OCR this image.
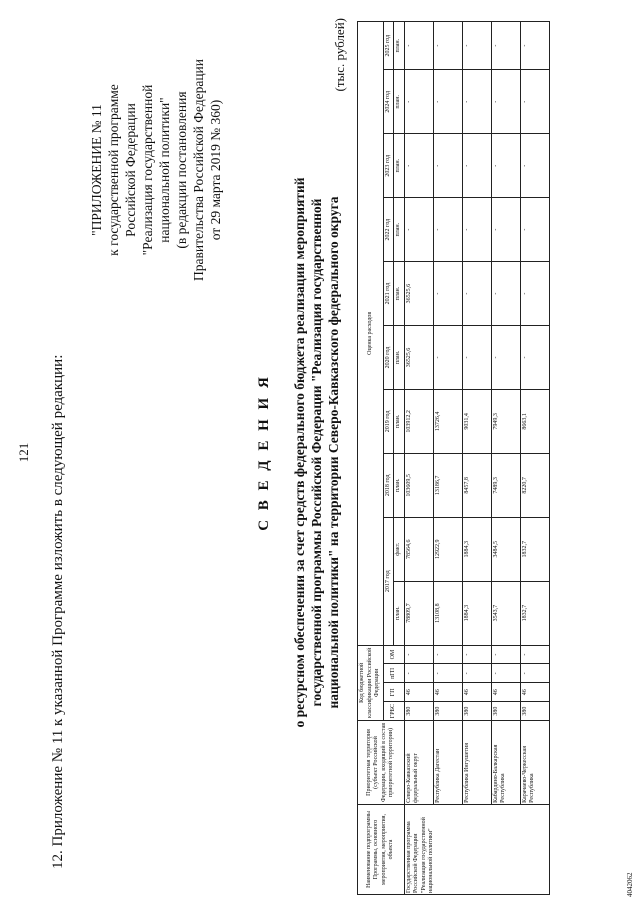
121 12. Приложение № 11 к указанной Программе изложить в следующей редакции:
"ПРИЛОЖЕНИЕ № 11 к государственной программе Российской Федерации "Реализация государственной национальной политики" (в редакции постановления Правительства Российской Федерации от 29 марта 2019 № 360)
С В Е Д Е Н И Я о ресурсном обеспечении за счет средств федерального бюджета реализации мероприятий государственной программы Российской Федерации "Реализация государственной национальной политики" на территории Северо-Кавказского федерального округа
(тыс. рублей)
Наименование подпрограммы Программы, основного мероприятия, мероприятия, объекта	Приоритетная территория (субъект Российской Федерации, входящий в состав приоритетной территории)	Код бюджетной классификации Российской Федерации				Оценка расходов									
		ГРБС	ГП	пГП	ОМ	2017 год		2018 год	2019 год	2020 год	2021 год	2022 год	2023 год	2024 год	2025 год
						план.	факт.	план.	план.	план.	план.	план.	план.	план.	план.
Государственная программа Российской Федерации "Реализация государственной национальной политики"	Северо-Кавказский федеральный округ	380	46	-	-	78809,7	78564,6	103609,5	103912,2	36525,6	36525,6	-	-	-	-
	Республика Дагестан	380	46	-	-	13108,8	12922,9	13186,7	13726,4	-	-	-	-	-	-
	Республика Ингушетия	380	46	-	-	1884,3	1884,3	8457,8	9031,4	-	-	-	-	-	-
	Кабардино-Балкарская Республика	380	46	-	-	3543,7	3484,5	7489,3	7949,3	-	-	-	-	-	-
	Карачаево-Черкесская Республика	380	46	-	-	1832,7	1832,7	8220,7	8663,1	-	-	-	-	-	-
4042062
